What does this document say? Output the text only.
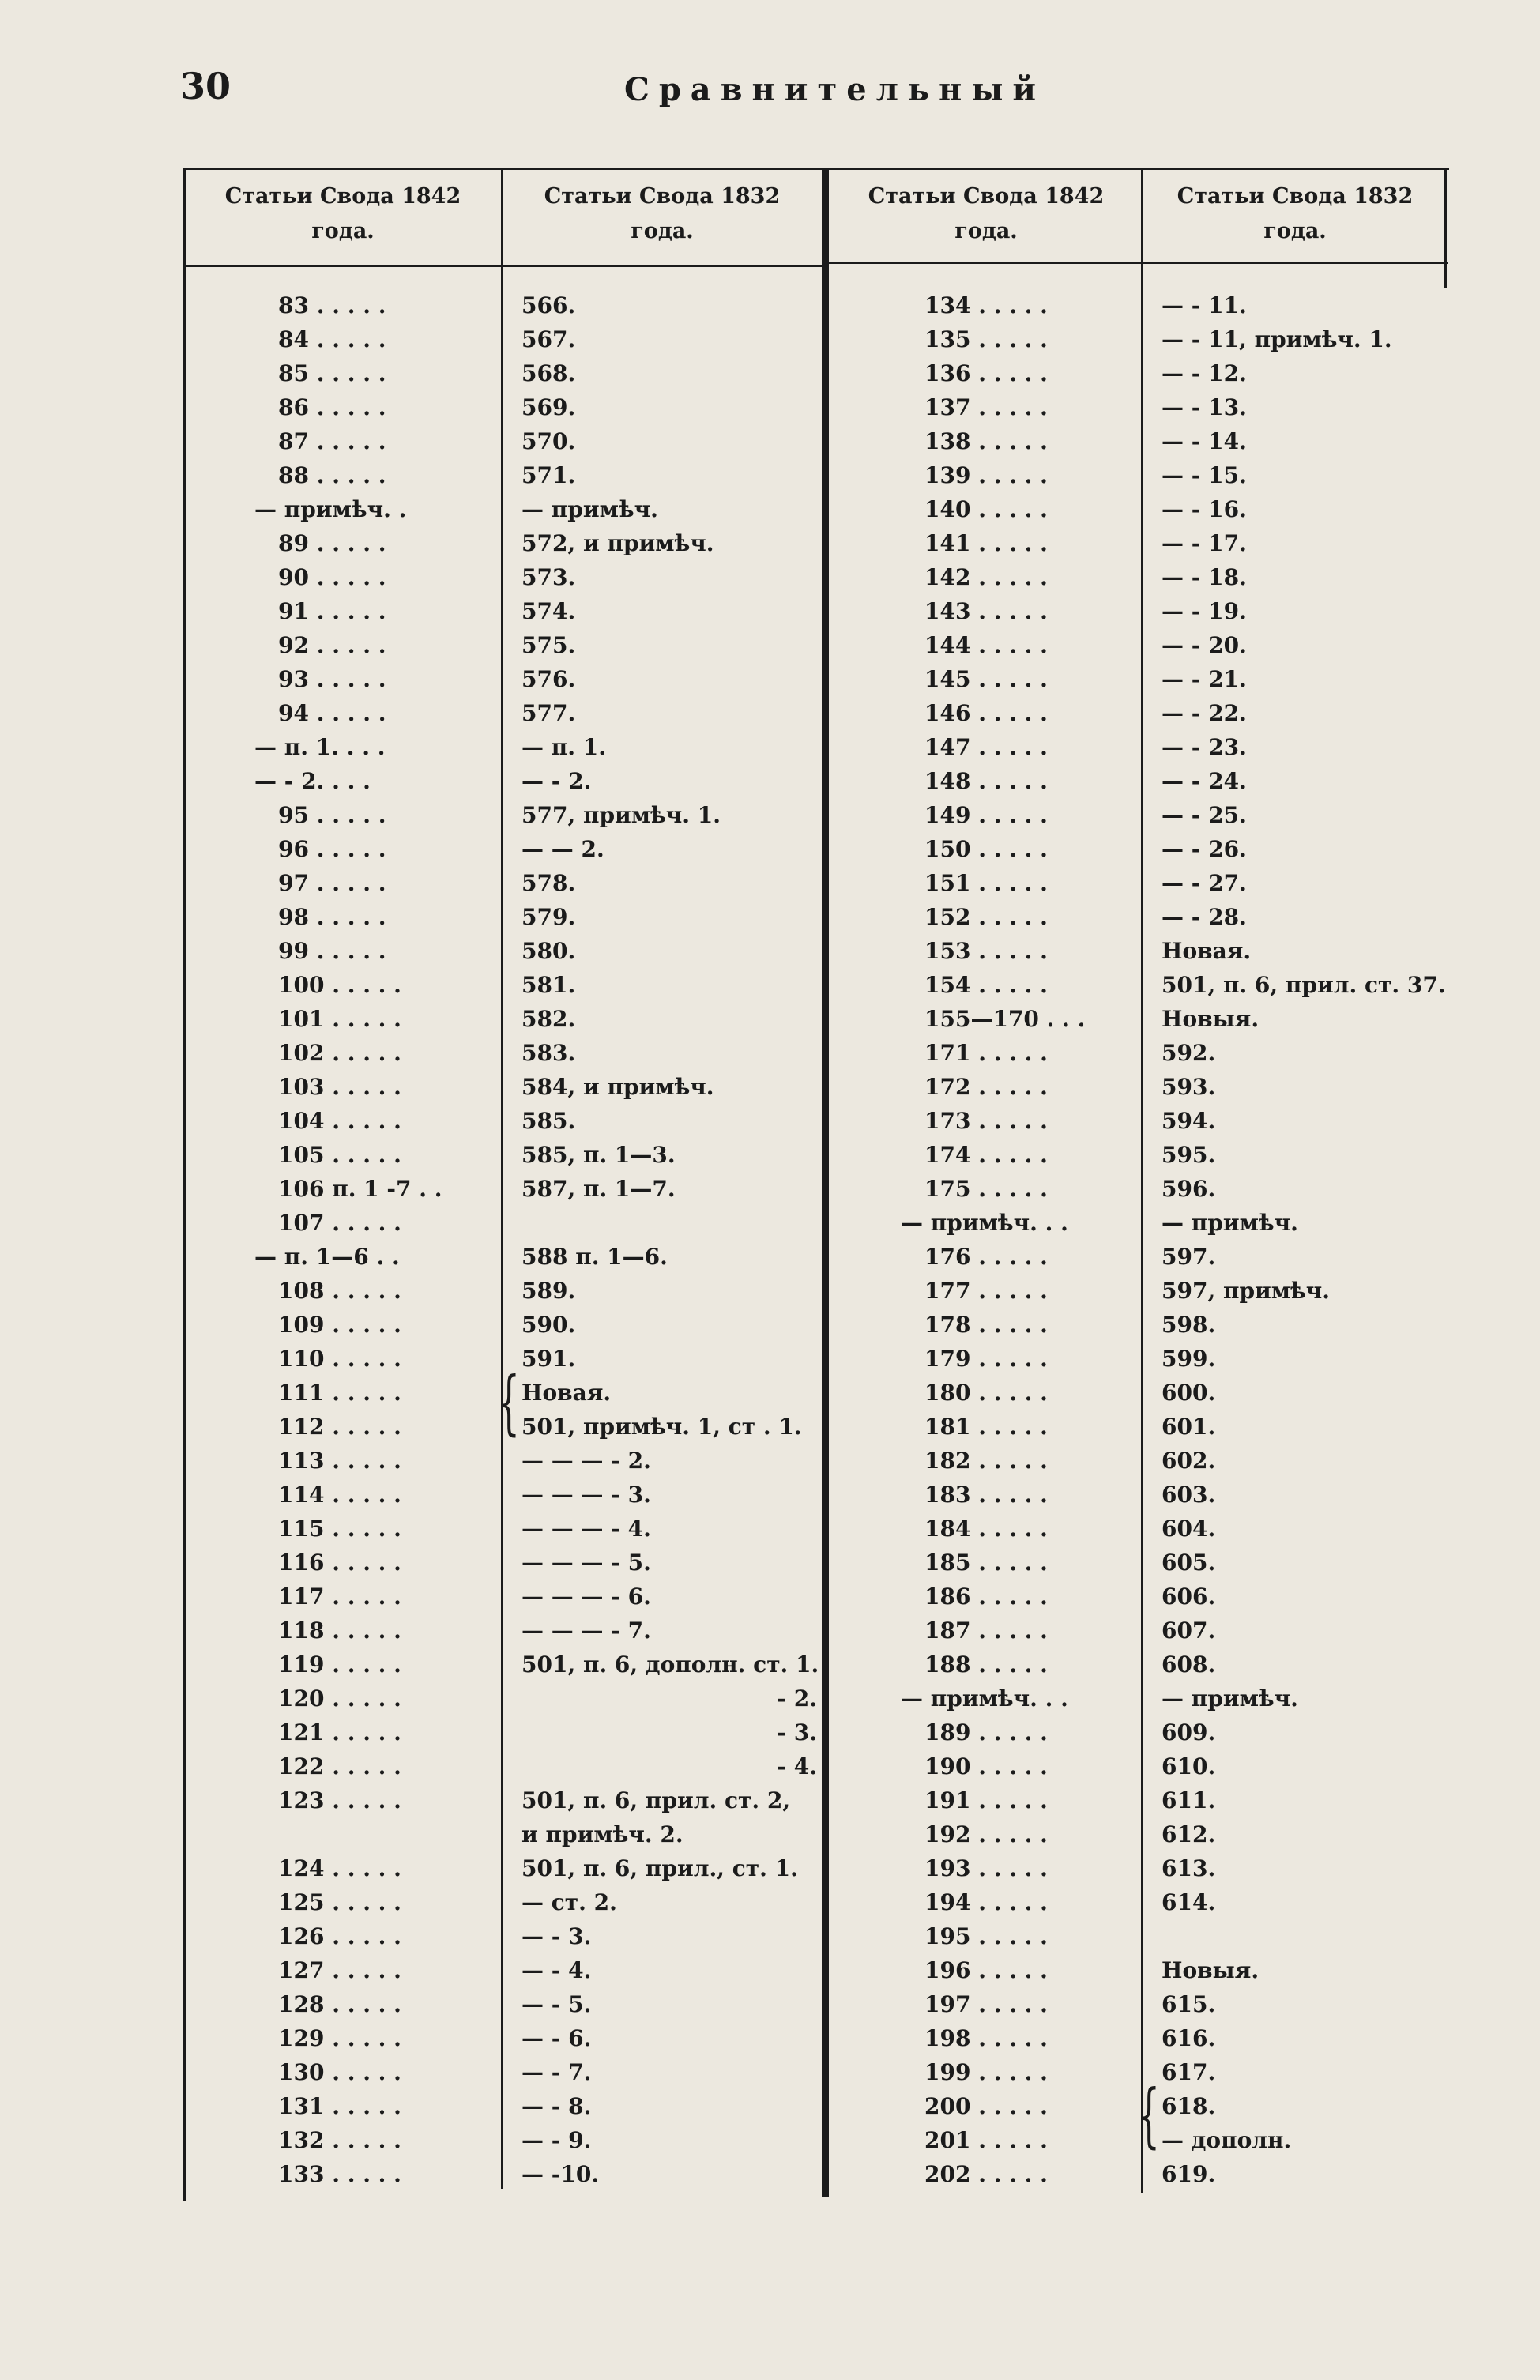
30	Сравнительный
Статьи Свода 1842
года.
Статьи Свода 1832
года.
Статьи Свода 1842
года.
Статьи Свода 1832
года.
83 . . . . .
84 . . . . .
85 . . . . .
86 . . . . .
87 . . . . .
88 . . . . .
— примѣч. .
89 . . . . .
90 . . . . .
91 . . . . .
92 . . . . .
93 . . . . .
94 . . . . .
— п. 1. . . .
— - 2. . . .
95 . . . . .
96 . . . . .
97 . . . . .
98 . . . . .
99 . . . . .
100 . . . . .
101 . . . . .
102 . . . . .
103 . . . . .
104 . . . . .
105 . . . . .
106 п. 1 -7 . .
107 . . . . .
— п. 1—6 . .
108 . . . . .
109 . . . . .
110 . . . . .
111 . . . . .
112 . . . . .
113 . . . . .
114 . . . . .
115 . . . . .
116 . . . . .
117 . . . . .
118 . . . . .
119 . . . . .
120 . . . . .
121 . . . . .
122 . . . . .
123 . . . . .
124 . . . . .
125 . . . . .
126 . . . . .
127 . . . . .
128 . . . . .
129 . . . . .
130 . . . . .
131 . . . . .
132 . . . . .
133 . . . . .
566.
567.
568.
569.
570.
571.
— примѣч.
572, и примѣч.
573.
574.
575.
576.
577.
— п. 1.
— - 2.
577, примѣч. 1.
— — 2.
578.
579.
580.
581.
582.
583.
584, и примѣч.
585.
585, п. 1—3.
587, п. 1—7.
588 п. 1—6.
589.
590.
591.
Новая.
501, примѣч. 1, ст . 1.
— — — - 2.
— — — - 3.
— — — - 4.
— — — - 5.
— — — - 6.
— — — - 7.
501, п. 6, дополн. ст. 1.
- 2.
- 3.
- 4.
501, п. 6, прил. ст. 2,
и примѣч. 2.
501, п. 6, прил., ст. 1.
— ст. 2.
— - 3.
— - 4.
— - 5.
— - 6.
— - 7.
— - 8.
— - 9.
— -10.
134 . . . . .
135 . . . . .
136 . . . . .
137 . . . . .
138 . . . . .
139 . . . . .
140 . . . . .
141 . . . . .
142 . . . . .
143 . . . . .
144 . . . . .
145 . . . . .
146 . . . . .
147 . . . . .
148 . . . . .
149 . . . . .
150 . . . . .
151 . . . . .
152 . . . . .
153 . . . . .
154 . . . . .
155—170 . . .
171 . . . . .
172 . . . . .
173 . . . . .
174 . . . . .
175 . . . . .
— примѣч. . .
176 . . . . .
177 . . . . .
178 . . . . .
179 . . . . .
180 . . . . .
181 . . . . .
182 . . . . .
183 . . . . .
184 . . . . .
185 . . . . .
186 . . . . .
187 . . . . .
188 . . . . .
— примѣч. . .
189 . . . . .
190 . . . . .
191 . . . . .
192 . . . . .
193 . . . . .
194 . . . . .
195 . . . . .
196 . . . . .
197 . . . . .
198 . . . . .
199 . . . . .
200 . . . . .
201 . . . . .
202 . . . . .
— - 11.
— - 11, примѣч. 1.
— - 12.
— - 13.
— - 14.
— - 15.
— - 16.
— - 17.
— - 18.
— - 19.
— - 20.
— - 21.
— - 22.
— - 23.
— - 24.
— - 25.
— - 26.
— - 27.
— - 28.
Новая.
501, п. 6, прил. ст. 37.
Новыя.
592.
593.
594.
595.
596.
— примѣч.
597.
597, примѣч.
598.
599.
600.
601.
602.
603.
604.
605.
606.
607.
608.
— примѣч.
609.
610.
611.
612.
613.
614.
Новыя.
615.
616.
617.
618.
— дополн.
619.
{
{
